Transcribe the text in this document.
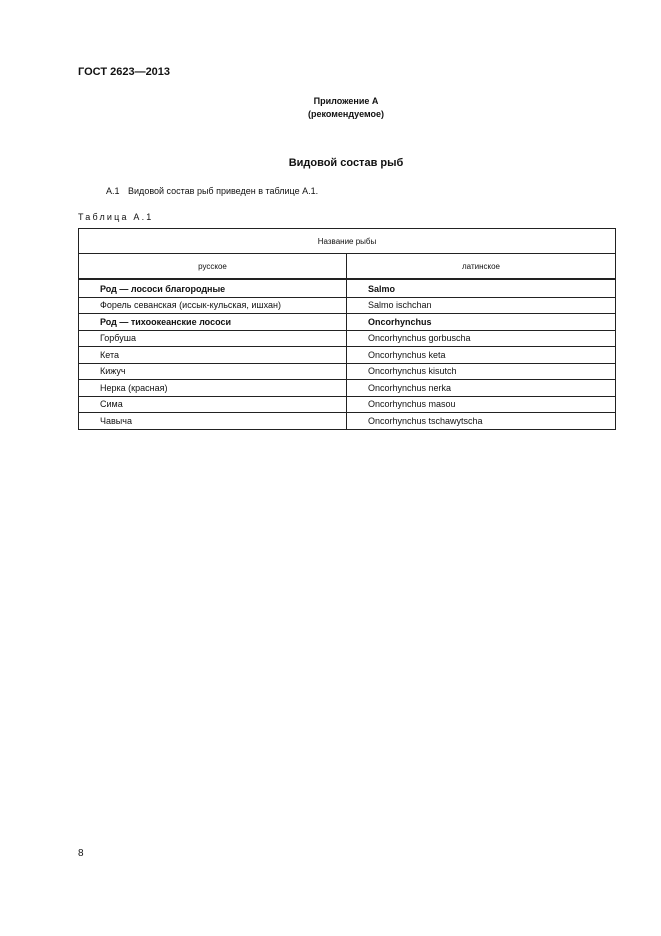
ГОСТ 2623—2013
Приложение А
(рекомендуемое)
Видовой состав рыб
А.1 Видовой состав рыб приведен в таблице А.1.
Таблица А.1
Название рыбы	
русское	латинское
Род — лососи благородные	Salmo
Форель севанская (иссык-кульская, ишхан)	Salmo ischchan
Род — тихоокеанские лососи	Oncorhynchus
Горбуша	Oncorhynchus gorbuscha
Кета	Oncorhynchus keta
Кижуч	Oncorhynchus kisutch
Нерка (красная)	Oncorhynchus nerka
Сима	Oncorhynchus masou
Чавыча	Oncorhynchus tschawytscha
8
